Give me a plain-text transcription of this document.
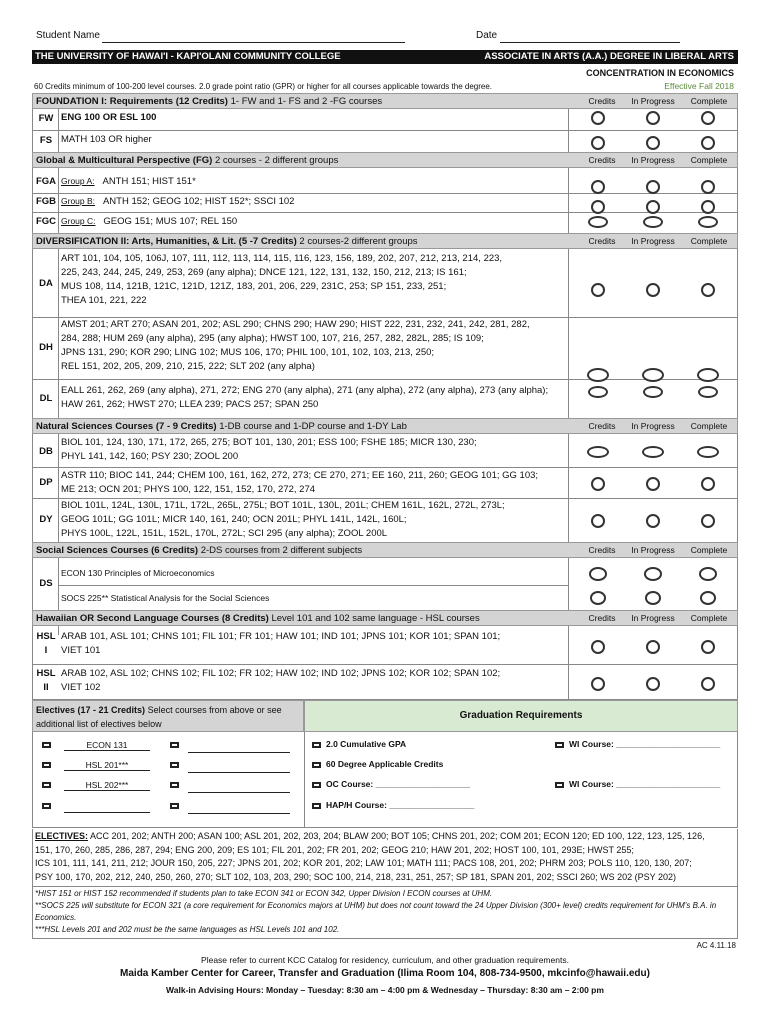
Student Name	Date
THE UNIVERSITY OF HAWAI'I - KAPI'OLANI COMMUNITY COLLEGE	ASSOCIATE IN ARTS (A.A.) DEGREE IN LIBERAL ARTS
CONCENTRATION IN ECONOMICS
60 Credits minimum of 100-200 level courses. 2.0 grade point ratio (GPR) or higher for all courses applicable towards the degree.	Effective Fall 2018
FOUNDATION I: Requirements (12 Credits) 1- FW and 1- FS and 2 -FG courses	Credits	In Progress	Complete
FW ENG 100 OR ESL 100
FS MATH 103 OR higher
Global & Multicultural Perspective (FG) 2 courses - 2 different groups	Credits	In Progress	Complete
FGA Group A: ANTH 151; HIST 151*
FGB Group B: ANTH 152; GEOG 102; HIST 152*; SSCI 102
FGC Group C: GEOG 151; MUS 107; REL 150
DIVERSIFICATION II: Arts, Humanities, & Lit. (5 -7 Credits) 2 courses-2 different groups	Credits	In Progress	Complete
DA
ART 101, 104, 105, 106J, 107, 111, 112, 113, 114, 115, 116, 123, 156, 189, 202, 207, 212, 213, 214, 223,
225, 243, 244, 245, 249, 253, 269 (any alpha); DNCE 121, 122, 131, 132, 150, 212, 213; IS 161;
MUS 108, 114, 121B, 121C, 121D, 121Z, 183, 201, 206, 229, 231C, 253; SP 151, 233, 251;
THEA 101, 221, 222
DH
AMST 201; ART 270; ASAN 201, 202; ASL 290; CHNS 290; HAW 290; HIST 222, 231, 232, 241, 242, 281, 282,
284, 288; HUM 269 (any alpha), 295 (any alpha); HWST 100, 107, 216, 257, 282, 282L, 285; IS 109;
JPNS 131, 290; KOR 290; LING 102; MUS 106, 170; PHIL 100, 101, 102, 103, 213, 250;
REL 151, 202, 205, 209, 210, 215, 222; SLT 202 (any alpha)
DL
EALL 261, 262, 269 (any alpha), 271, 272; ENG 270 (any alpha), 271 (any alpha), 272 (any alpha), 273 (any alpha);
HAW 261, 262; HWST 270; LLEA 239; PACS 257; SPAN 250
Natural Sciences Courses (7 - 9 Credits) 1-DB course and 1-DP course and 1-DY Lab	Credits	In Progress	Complete
DB
BIOL 101, 124, 130, 171, 172, 265, 275; BOT 101, 130, 201; ESS 100; FSHE 185; MICR 130, 230;
PHYL 141, 142, 160; PSY 230; ZOOL 200
DP
ASTR 110; BIOC 141, 244; CHEM 100, 161, 162, 272, 273; CE 270, 271; EE 160, 211, 260; GEOG 101; GG 103;
ME 213; OCN 201; PHYS 100, 122, 151, 152, 170, 272, 274
DY
BIOL 101L, 124L, 130L, 171L, 172L, 265L, 275L; BOT 101L, 130L, 201L; CHEM 161L, 162L, 272L, 273L;
GEOG 101L; GG 101L; MICR 140, 161, 240; OCN 201L; PHYL 141L, 142L, 160L;
PHYS 100L, 122L, 151L, 152L, 170L, 272L; SCI 295 (any alpha); ZOOL 200L
Social Sciences Courses (6 Credits) 2-DS courses from 2 different subjects	Credits	In Progress	Complete
DS
ECON 130 Principles of Microeconomics
SOCS 225** Statistical Analysis for the Social Sciences
Hawaiian OR Second Language Courses (8 Credits) Level 101 and 102 same language - HSL courses	Credits	In Progress	Complete
HSL I
ARAB 101, ASL 101; CHNS 101; FIL 101; FR 101; HAW 101; IND 101; JPNS 101; KOR 101; SPAN 101;
VIET 101
HSL II
ARAB 102, ASL 102; CHNS 102; FIL 102; FR 102; HAW 102; IND 102; JPNS 102; KOR 102; SPAN 102;
VIET 102
Electives (17 - 21 Credits) Select courses from above or see additional list of electives below
Graduation Requirements
ECON 131
HSL 201***
HSL 202***
2.0 Cumulative GPA
60 Degree Applicable Credits
OC Course: ____________________
HAP/H Course: __________________
WI Course: ______________________
WI Course: ______________________
ELECTIVES: ACC 201, 202; ANTH 200; ASAN 100; ASL 201, 202, 203, 204; BLAW 200; BOT 105; CHNS 201, 202; COM 201; ECON 120; ED 100, 122, 123, 125, 126,
151, 170, 260, 285, 286, 287, 294; ENG 200, 209; ES 101; FIL 201, 202; FR 201, 202; GEOG 210; HAW 201, 202; HOST 100, 101, 293E; HWST 255;
ICS 101, 111, 141, 211, 212; JOUR 150, 205, 227; JPNS 201, 202; KOR 201, 202; LAW 101; MATH 111; PACS 108, 201, 202; PHRM 203; POLS 110, 120, 130, 207;
PSY 100, 170, 202, 212, 240, 250, 260, 270; SLT 102, 103, 203, 290; SOC 100, 214, 218, 231, 251, 257; SP 181, SPAN 201, 202; SSCI 260; WS 202 (PSY 202)
*HIST 151 or HIST 152 recommended if students plan to take ECON 341 or ECON 342, Upper Division I ECON courses at UHM.
**SOCS 225 will substitute for ECON 321 (a core requirement for Economics majors at UHM) but does not count toward the 24 Upper Division (300+ level) credits requirement for UHM's B.A. in Economics.
***HSL Levels 201 and 202 must be the same languages as HSL Levels 101 and 102.
AC 4.11.18
Please refer to current KCC Catalog for residency, curriculum, and other graduation requirements.
Maida Kamber Center for Career, Transfer and Graduation (Ilima Room 104, 808-734-9500, mkcinfo@hawaii.edu)
Walk-in Advising Hours: Monday – Tuesday: 8:30 am – 4:00 pm & Wednesday – Thursday: 8:30 am – 2:00 pm
